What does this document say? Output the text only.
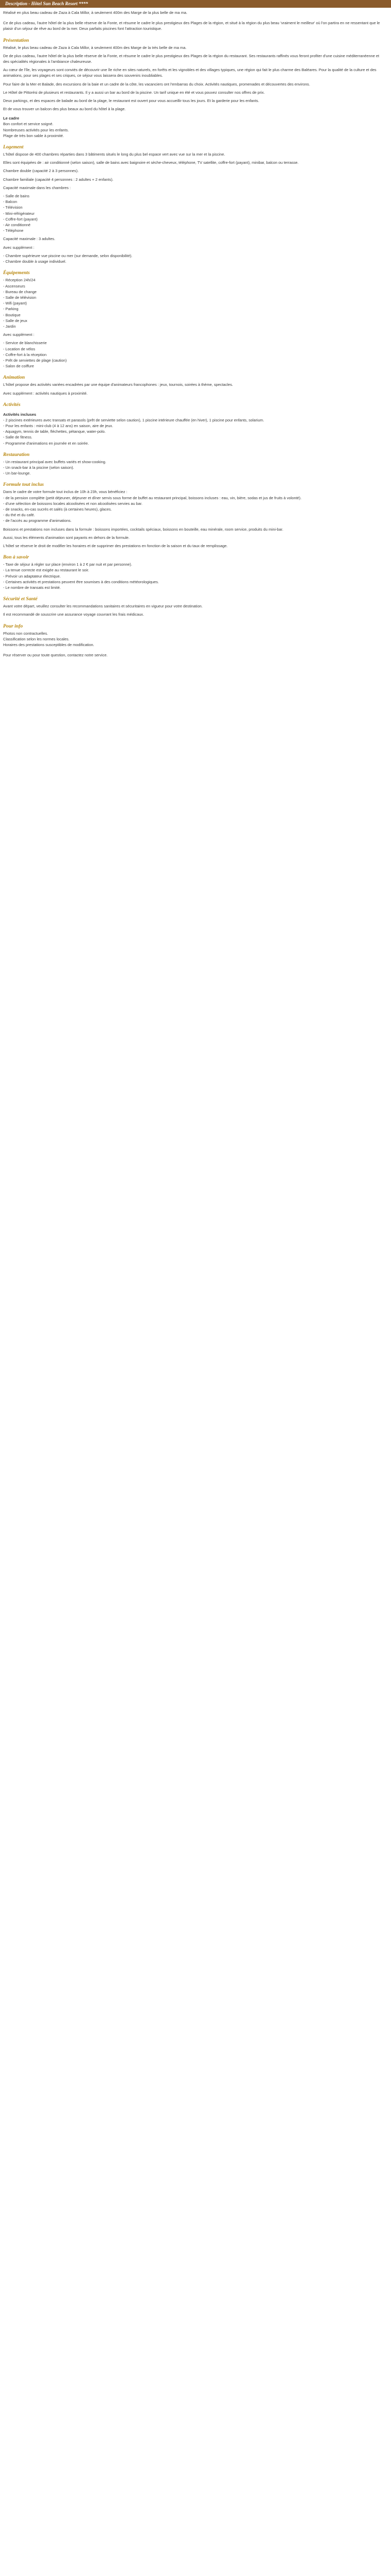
Description - Hôtel Sun Beach Resort ****

Réalisé en plus beau cadeau de Zaza à Cala Millor, à seulement 400m des Marge de la plus belle de ma ma.

Ce de plus cadeau, l'autre hôtel de la plus belle réserve de la Fonte, et résume le cadre le plus prestigieux des Plages de la région, et situé à la région du plus beau 'vraiment le meilleur' où l'on partira en ne ressentant que le plaisir d'un séjour de rêve au bord de la mer. Deux parfaits piscines font l'attraction touristique.

Présentation

Réalisé, le plus beau cadeau de Zaza à Cala Millor, à seulement 400m des Marge de la très belle de ma ma.

De de plus cadeau, l'autre hôtel de la plus belle réserve de la Fonte, et résume le cadre le plus prestigieux des Plages de la région du restaurant. Ses restaurants raffinés vous feront profiter d'une cuisine méditerranéenne et des spécialités régionales à l'ambiance chaleureuse.

Au cœur de l'île, les voyageurs sont conviés de découvrir une île riche en sites naturels, en forêts et les vignobles et des villages typiques, une région qui fait le plus charme des Baléares. Pour la qualité de la culture et des animations, pour ses plages et ses criques, ce séjour vous laissera des souvenirs inoubliables.

Pour faire de la Mer et Balade, des excursions de la baie et un cadre de la côte, les vacanciers ont l'embarras du choix. Activités nautiques, promenades et découvertes des environs.

Le Hôtel de Pittorési de plusieurs et restaurants. Il y a aussi un bar au bord de la piscine. Un tarif unique en été et vous pouvez consulter nos offres de prix.

Deux parkings, et des espaces de balade au bord de la plage, le restaurant est ouvert pour vous accueillir tous les jours. Et la garderie pour les enfants.

Et de vous trouver un balcon des plus beaux au bord du hôtel à la plage.

Le cadre
Bon confort et service soigné.
Nombreuses activités pour les enfants.
Plage de très bon sable à proximité.
Logement

L'hôtel dispose de 400 chambres réparties dans 3 bâtiments situés le long du plus bel espace vert avec vue sur la mer et la piscine.

Elles sont équipées de : air conditionné (selon saison), salle de bains avec baignoire et sèche-cheveux, téléphone, TV satellite, coffre-fort (payant), minibar, balcon ou terrasse.

Chambre double (capacité 2 à 3 personnes).

Chambre familiale (capacité 4 personnes : 2 adultes + 2 enfants).

Capacité maximale dans les chambres :

- Salle de bains
- Balcon
- Télévision
- Mini-réfrigérateur
- Coffre-fort (payant)
- Air conditionné
- Téléphone

Capacité maximale : 3 adultes.

Avec supplément :

- Chambre supérieure vue piscine ou mer (sur demande, selon disponibilité).
- Chambre double à usage individuel.
Équipements
- Réception 24h/24
- Ascenseurs
- Bureau de change
- Salle de télévision
- Wifi (payant)
- Parking
- Boutique
- Salle de jeux
- Jardin

Avec supplément :

- Service de blanchisserie
- Location de vélos
- Coffre-fort à la réception
- Prêt de serviettes de plage (caution)
- Salon de coiffure
Animation

L'hôtel propose des activités variées encadrées par une équipe d'animateurs francophones : jeux, tournois, soirées à thème, spectacles.

Avec supplément : activités nautiques à proximité.

Activités
Activités incluses
- 2 piscines extérieures avec transats et parasols (prêt de serviette selon caution), 1 piscine intérieure chauffée (en hiver), 1 piscine pour enfants, solarium.
- Pour les enfants : mini-club (4 à 12 ans) en saison, aire de jeux.
- Aquagym, tennis de table, fléchettes, pétanque, water-polo.
- Salle de fitness.
- Programme d'animations en journée et en soirée.
Restauration
- Un restaurant principal avec buffets variés et show-cooking.
- Un snack-bar à la piscine (selon saison).
- Un bar-lounge.
Formule tout inclus
Dans le cadre de votre formule tout inclus de 10h à 23h, vous bénéficiez :
- de la pension complète (petit déjeuner, déjeuner et dîner servis sous forme de buffet au restaurant principal, boissons incluses : eau, vin, bière, sodas et jus de fruits à volonté).
- d'une sélection de boissons locales alcoolisées et non alcoolisées servies au bar.
- de snacks, en-cas sucrés et salés (à certaines heures), glaces.
- du thé et du café.
- de l'accès au programme d'animations.

Boissons et prestations non incluses dans la formule : boissons importées, cocktails spéciaux, boissons en bouteille, eau minérale, room service, produits du mini-bar.

Aussi, tous les éléments d'animation sont payants en dehors de la formule.

L'hôtel se réserve le droit de modifier les horaires et de supprimer des prestations en fonction de la saison et du taux de remplissage.

Bon à savoir
- Taxe de séjour à régler sur place (environ 1 à 2 € par nuit et par personne).
- La tenue correcte est exigée au restaurant le soir.
- Prévoir un adaptateur électrique.
- Certaines activités et prestations peuvent être soumises à des conditions météorologiques.
- Le nombre de transats est limité.
Sécurité et Santé

Avant votre départ, veuillez consulter les recommandations sanitaires et sécuritaires en vigueur pour votre destination.

Il est recommandé de souscrire une assurance voyage couvrant les frais médicaux.

Pour info
Photos non contractuelles.
Classification selon les normes locales.
Horaires des prestations susceptibles de modification.

Pour réserver ou pour toute question, contactez notre service.
